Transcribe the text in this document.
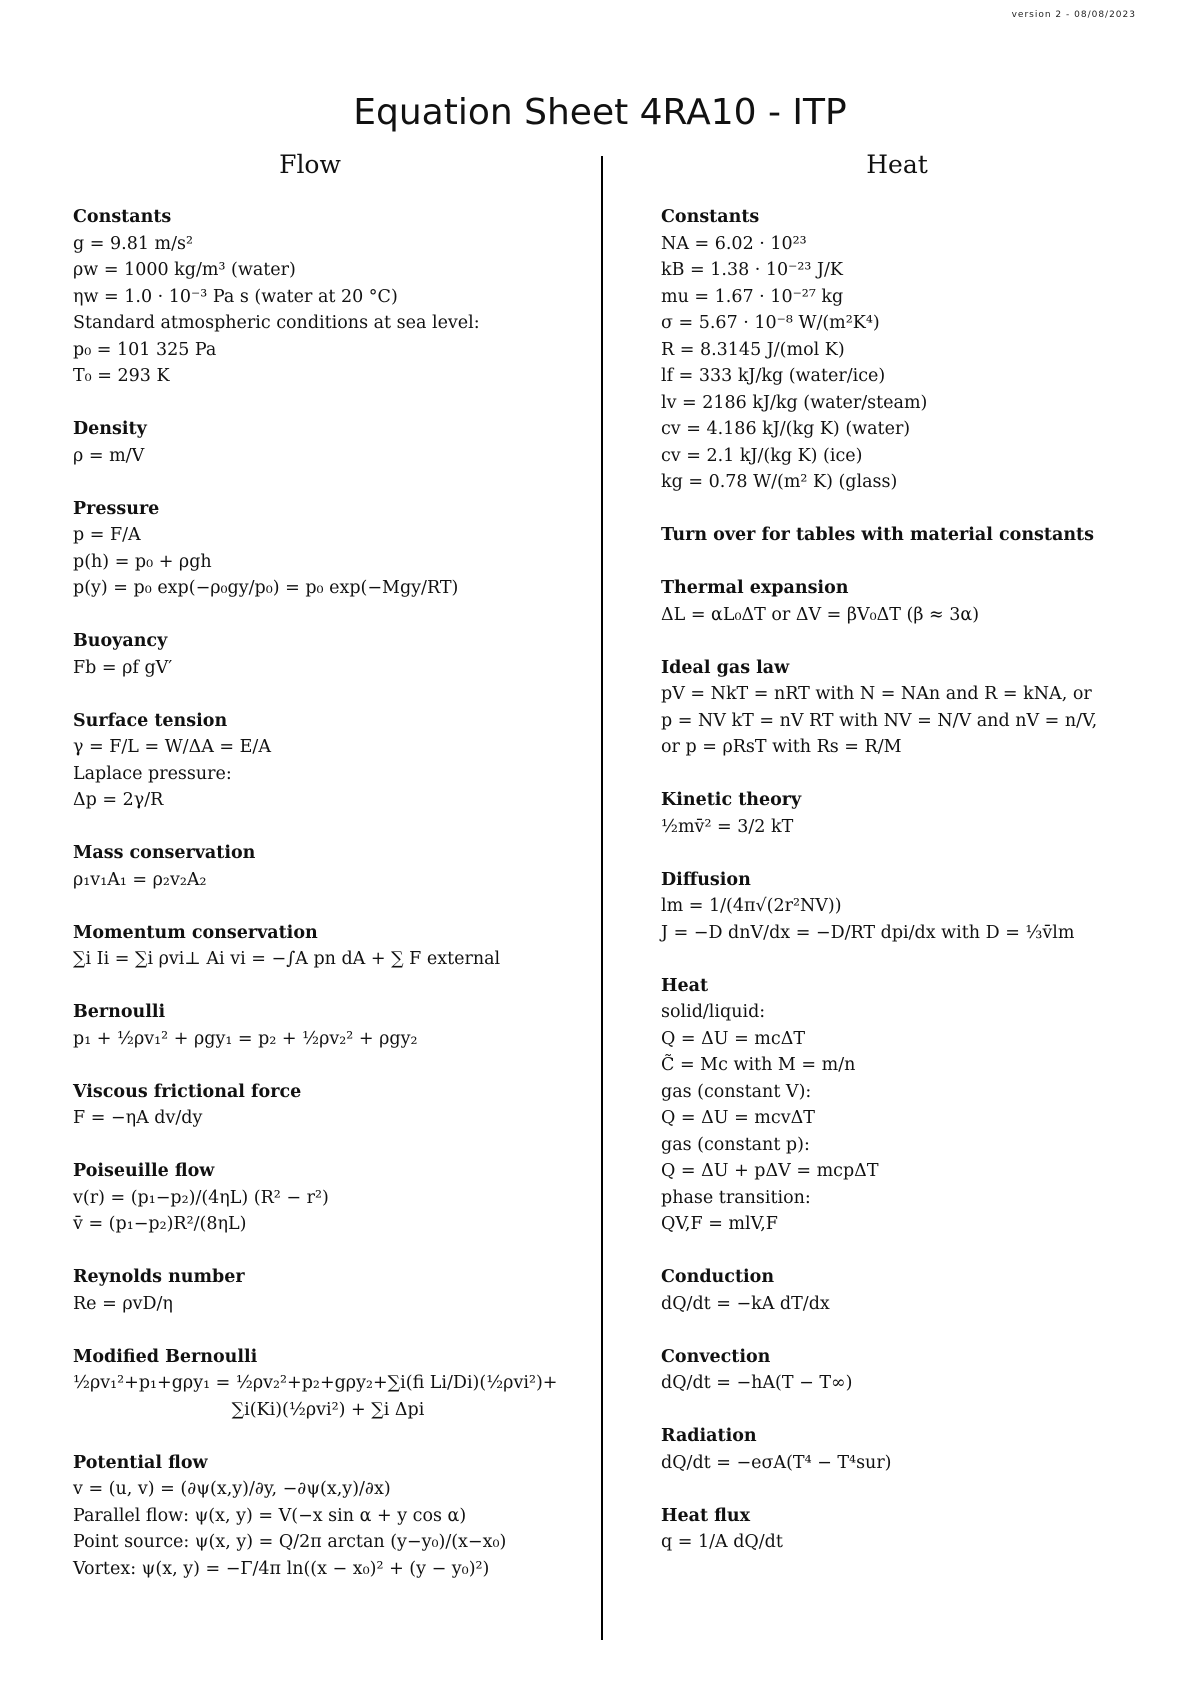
version 2 - 08/08/2023
Equation Sheet 4RA10 - ITP
Flow	Heat
Constants
g = 9.81 m/s²
ρw = 1000 kg/m³ (water)
ηw = 1.0 · 10⁻³ Pa s (water at 20 °C)
Standard atmospheric conditions at sea level:
p₀ = 101 325 Pa
T₀ = 293 K
Density
ρ = m/V
Pressure
p = F/A
p(h) = p₀ + ρgh
p(y) = p₀ exp(−ρ₀gy/p₀) = p₀ exp(−Mgy/RT)
Buoyancy
Fb = ρf gV′
Surface tension
γ = F/L = W/ΔA = E/A
Laplace pressure:
Δp = 2γ/R
Mass conservation
ρ₁v₁A₁ = ρ₂v₂A₂
Momentum conservation
∑i Ii = ∑i ρvi⊥ Ai vi = −∫A pn dA + ∑ F external
Bernoulli
p₁ + ½ρv₁² + ρgy₁ = p₂ + ½ρv₂² + ρgy₂
Viscous frictional force
F = −ηA dv/dy
Poiseuille flow
v(r) = (p₁−p₂)/(4ηL) (R² − r²)
v̄ = (p₁−p₂)R²/(8ηL)
Reynolds number
Re = ρvD/η
Modified Bernoulli
½ρv₁²+p₁+gρy₁ = ½ρv₂²+p₂+gρy₂+∑i(fi Li/Di)(½ρvi²)+
∑i(Ki)(½ρvi²) + ∑i Δpi
Potential flow
v = (u, v) = (∂ψ(x,y)/∂y, −∂ψ(x,y)/∂x)
Parallel flow: ψ(x, y) = V(−x sin α + y cos α)
Point source: ψ(x, y) = Q/2π arctan (y−y₀)/(x−x₀)
Vortex: ψ(x, y) = −Γ/4π ln((x − x₀)² + (y − y₀)²)
Constants
NA = 6.02 · 10²³
kB = 1.38 · 10⁻²³ J/K
mu = 1.67 · 10⁻²⁷ kg
σ = 5.67 · 10⁻⁸ W/(m²K⁴)
R = 8.3145 J/(mol K)
lf = 333 kJ/kg (water/ice)
lv = 2186 kJ/kg (water/steam)
cv = 4.186 kJ/(kg K) (water)
cv = 2.1 kJ/(kg K) (ice)
kg = 0.78 W/(m² K) (glass)
Turn over for tables with material constants
Thermal expansion
ΔL = αL₀ΔT or ΔV = βV₀ΔT (β ≈ 3α)
Ideal gas law
pV = NkT = nRT with N = NAn and R = kNA, or
p = NV kT = nV RT with NV = N/V and nV = n/V,
or p = ρRsT with Rs = R/M
Kinetic theory
½mv̄² = 3/2 kT
Diffusion
lm = 1/(4π√(2r²NV))
J = −D dnV/dx = −D/RT dpi/dx with D = ⅓v̄lm
Heat
solid/liquid:
Q = ΔU = mcΔT
C̃ = Mc with M = m/n
gas (constant V):
Q = ΔU = mcvΔT
gas (constant p):
Q = ΔU + pΔV = mcpΔT
phase transition:
QV,F = mlV,F
Conduction
dQ/dt = −kA dT/dx
Convection
dQ/dt = −hA(T − T∞)
Radiation
dQ/dt = −eσA(T⁴ − T⁴sur)
Heat flux
q = 1/A dQ/dt
